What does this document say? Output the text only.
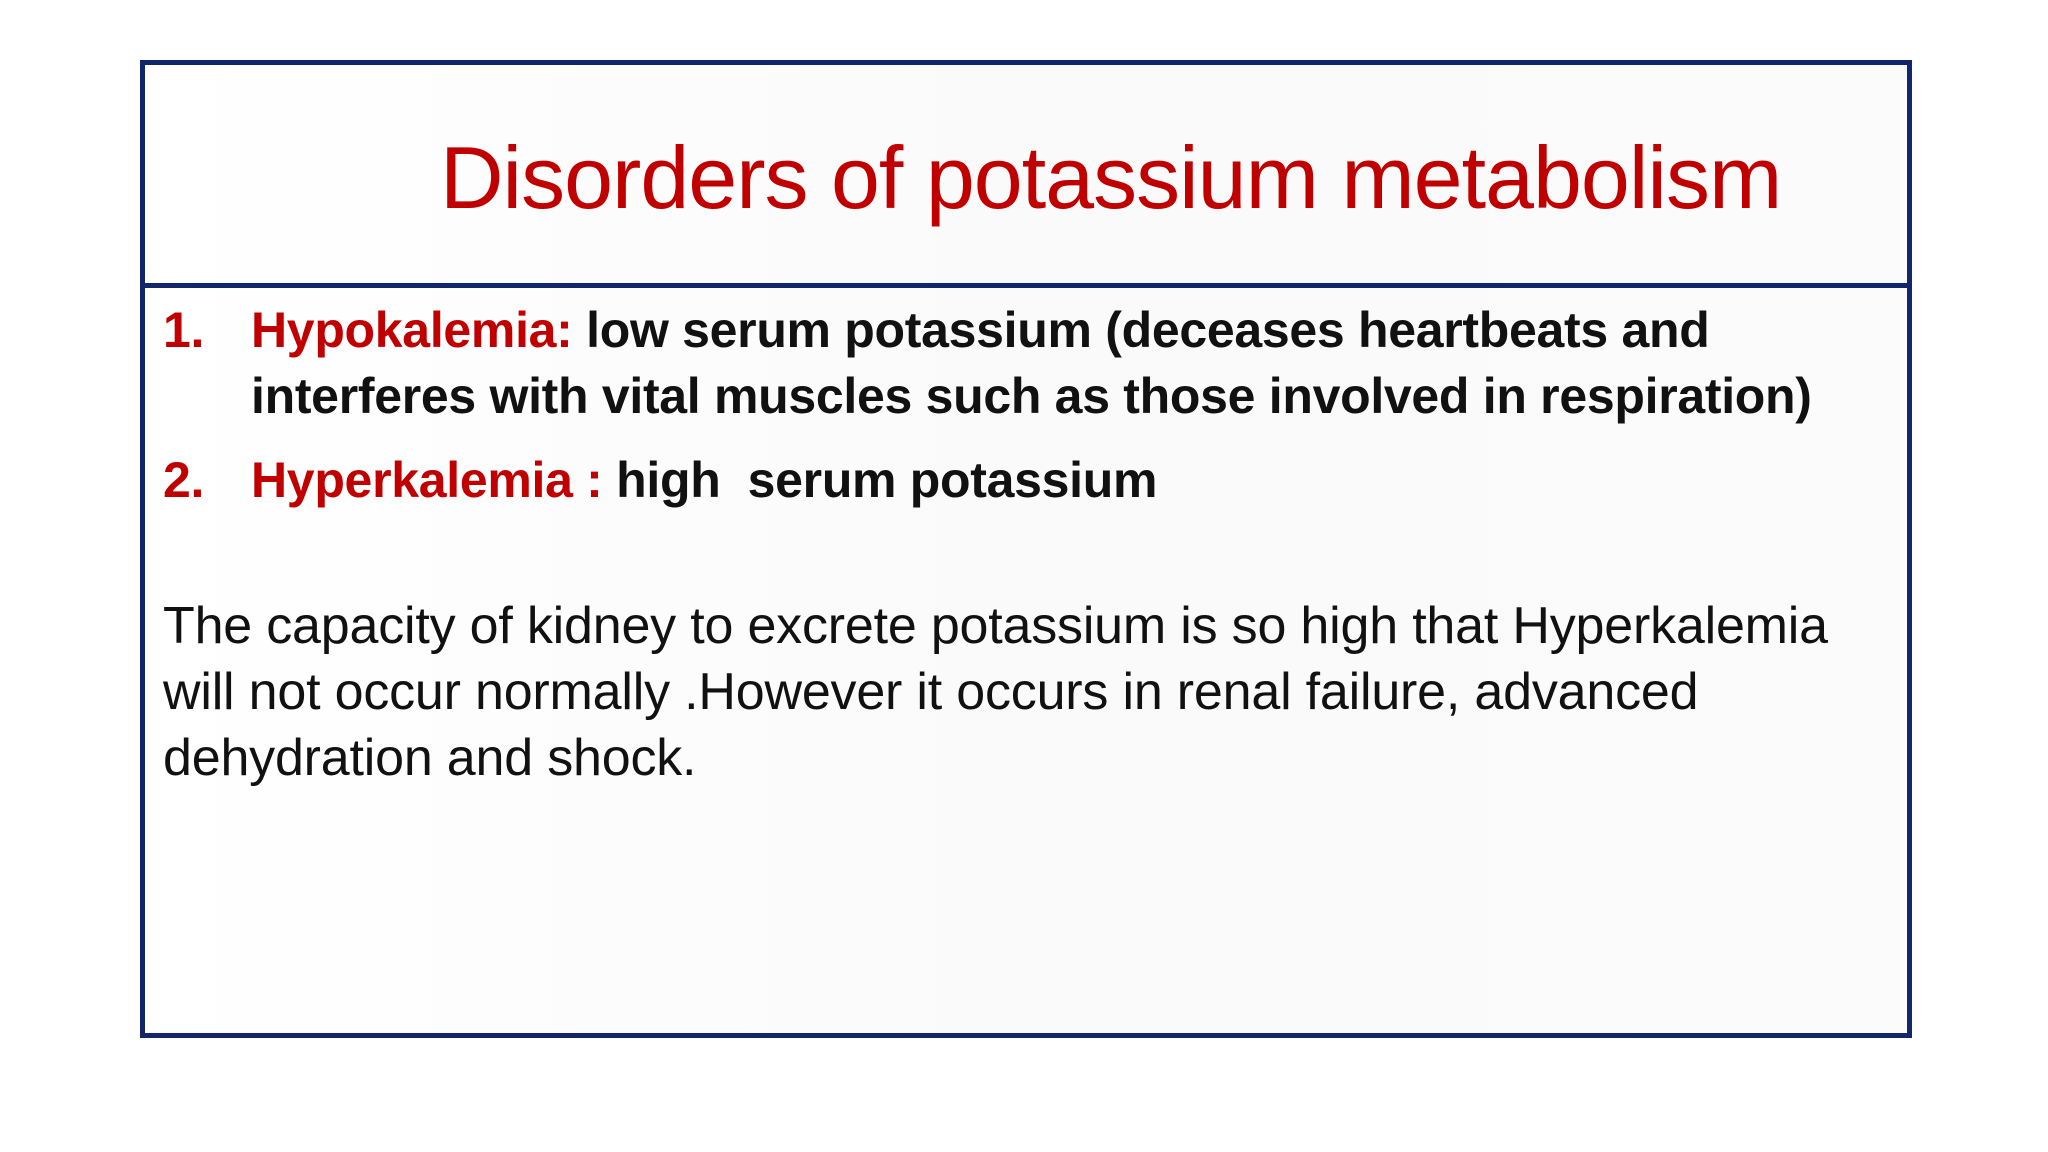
Disorders of potassium metabolism
1. Hypokalemia: low serum potassium (deceases heartbeats and interferes with vital muscles such as those involved in respiration)
2. Hyperkalemia : high  serum potassium

The capacity of kidney to excrete potassium is so high that Hyperkalemia will not occur normally .However it occurs in renal failure, advanced dehydration and shock.
